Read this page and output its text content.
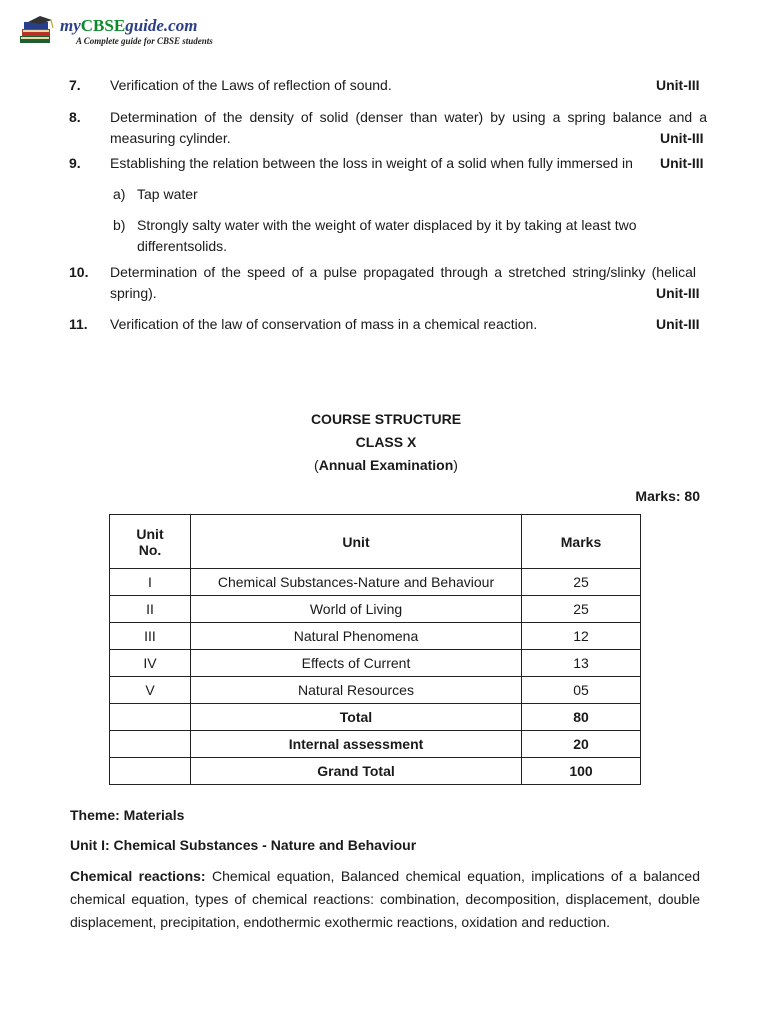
myCBSEguide.com
A Complete guide for CBSE students
7. Verification of the Laws of reflection of sound.	Unit-III
8. Determination of the density of solid (denser than water) by using a spring balance and a measuring cylinder.	Unit-III
9. Establishing the relation between the loss in weight of a solid when fully immersed in	Unit-III
a) Tap water
b) Strongly salty water with the weight of water displaced by it by taking at least two differentsolids.
10. Determination of the speed of a pulse propagated through a stretched string/slinky (helical spring).	Unit-III
11. Verification of the law of conservation of mass in a chemical reaction.	Unit-III
COURSE STRUCTURE
CLASS X
(Annual Examination)
Marks: 80
Unit No.	Unit	Marks
I	Chemical Substances-Nature and Behaviour	25
II	World of Living	25
III	Natural Phenomena	12
IV	Effects of Current	13
V	Natural Resources	05
	Total	80
	Internal assessment	20
	Grand Total	100
Theme: Materials
Unit I: Chemical Substances - Nature and Behaviour
Chemical reactions: Chemical equation, Balanced chemical equation, implications of a balanced chemical equation, types of chemical reactions: combination, decomposition, displacement, double displacement, precipitation, endothermic exothermic reactions, oxidation and reduction.
